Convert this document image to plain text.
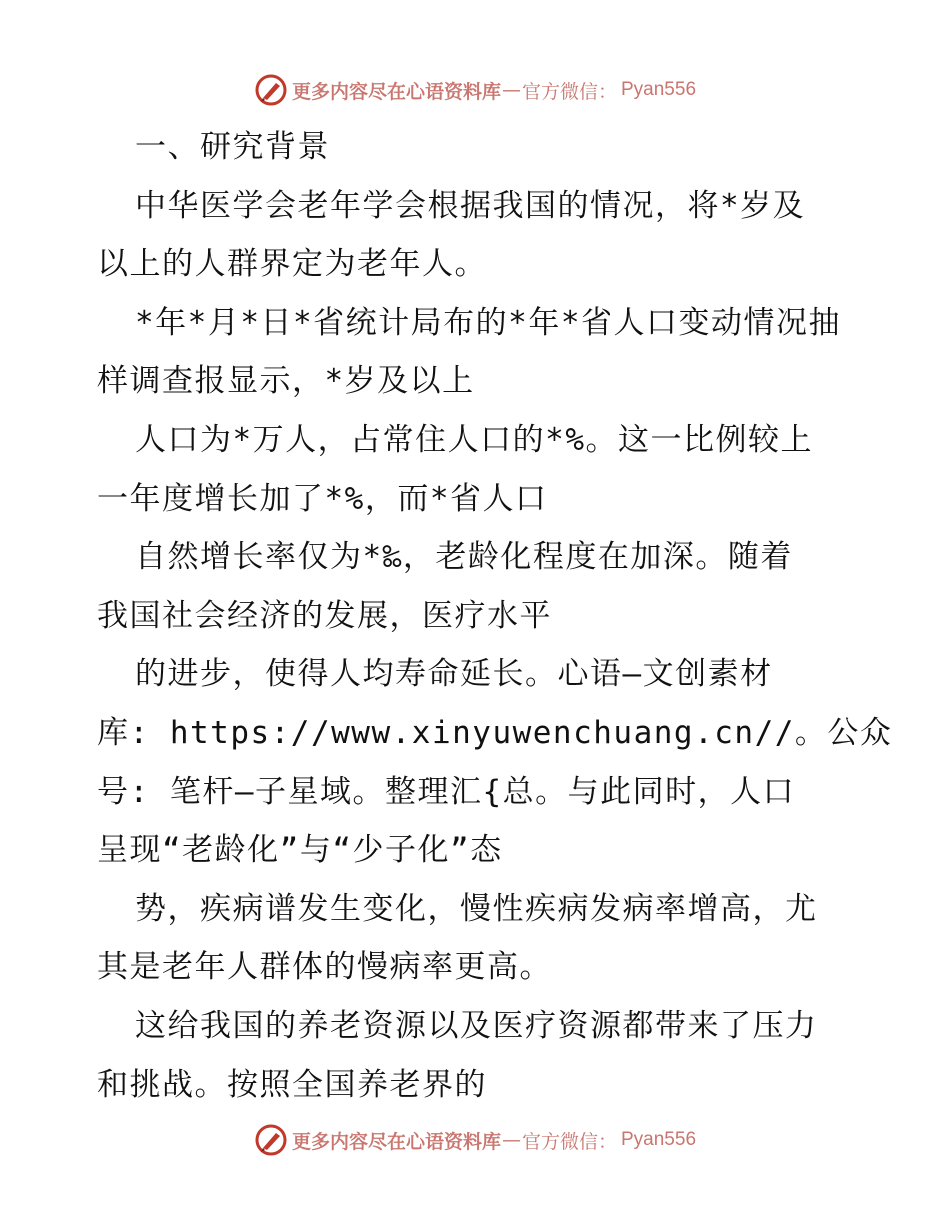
更多内容尽在心语资料库 — 官方微信： Pyan556
一、研究背景
中华医学会老年学会根据我国的情况，将*岁及
以上的人群界定为老年人。
*年*月*日*省统计局布的*年*省人口变动情况抽
样调查报显示，*岁及以上
人口为*万人，占常住人口的*%。这一比例较上
一年度增长加了*%，而*省人口
自然增长率仅为*‰，老龄化程度在加深。随着
我国社会经济的发展，医疗水平
的进步，使得人均寿命延长。心语—文创素材
库: https://www.xinyuwenchuang.cn//。公众
号: 笔杆—子星域。整理汇{总。与此同时，人口
呈现“老龄化”与“少子化”态
势，疾病谱发生变化，慢性疾病发病率增高，尤
其是老年人群体的慢病率更高。
这给我国的养老资源以及医疗资源都带来了压力
和挑战。按照全国养老界的
更多内容尽在心语资料库 — 官方微信： Pyan556
